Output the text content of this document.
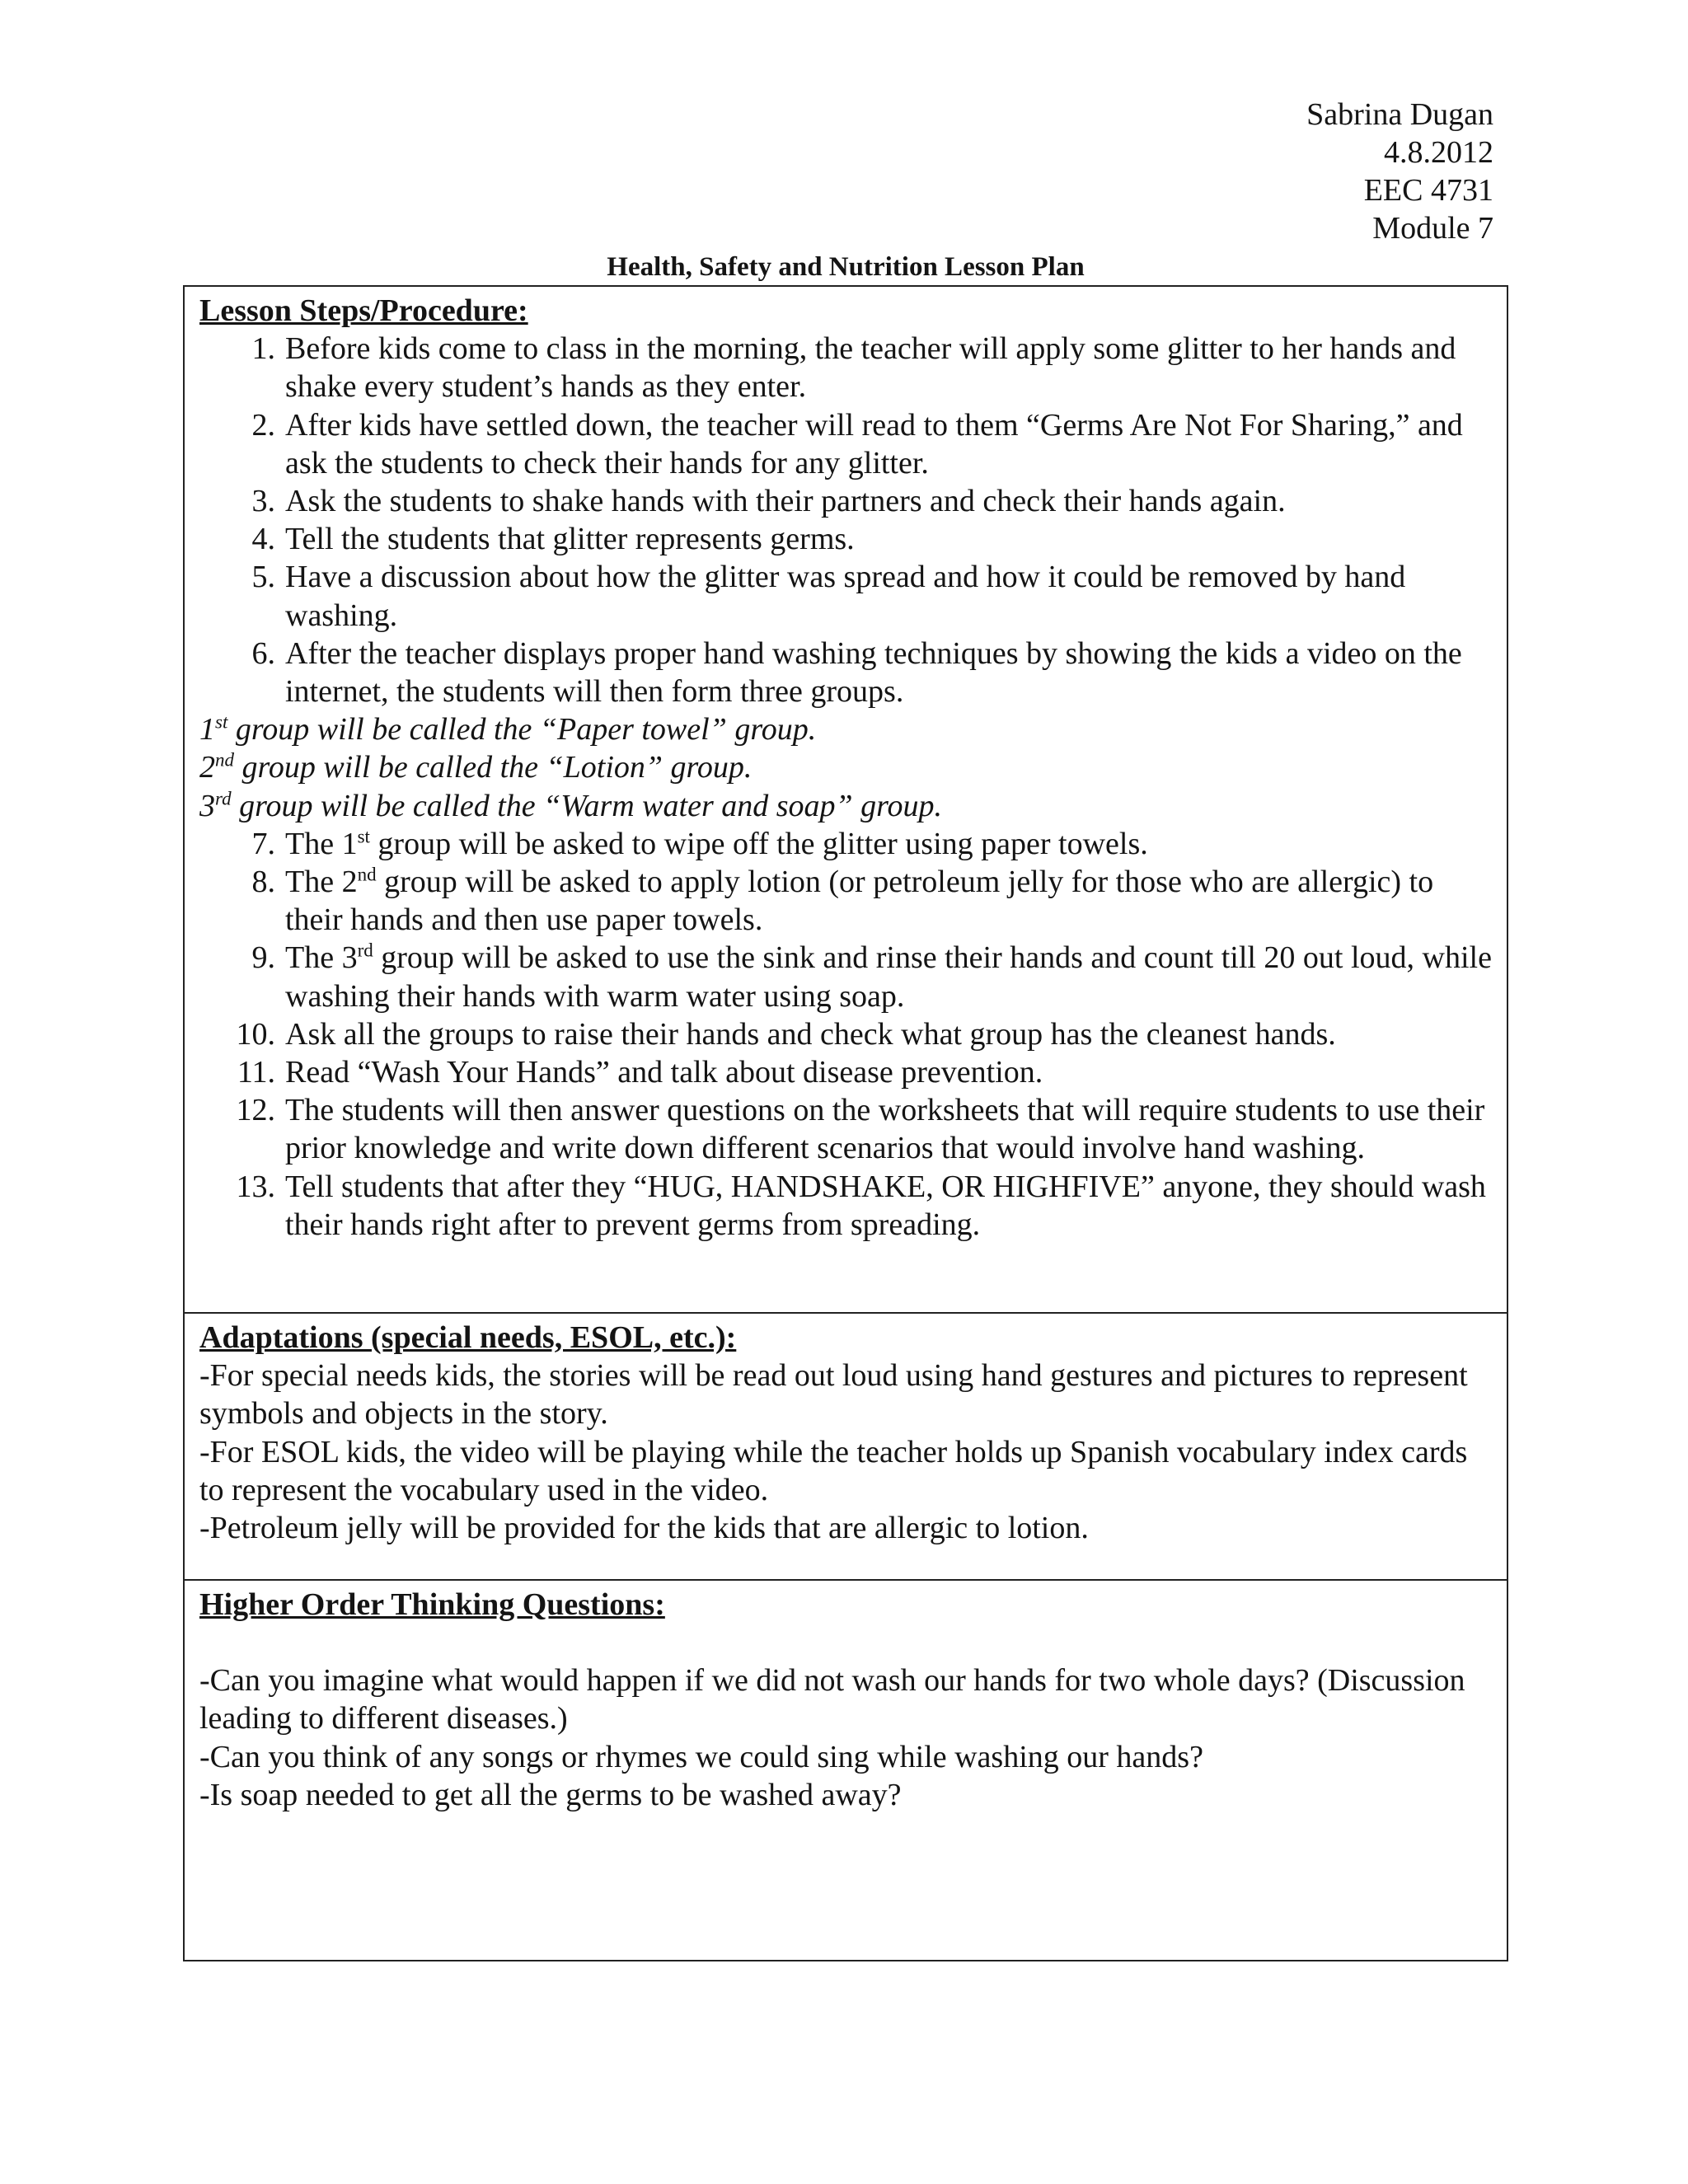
Sabrina Dugan
4.8.2012
EEC 4731
Module 7
Health, Safety and Nutrition Lesson Plan
Lesson Steps/Procedure:
1. Before kids come to class in the morning, the teacher will apply some glitter to her hands and shake every student’s hands as they enter.
2. After kids have settled down, the teacher will read to them “Germs Are Not For Sharing,” and ask the students to check their hands for any glitter.
3. Ask the students to shake hands with their partners and check their hands again.
4. Tell the students that glitter represents germs.
5. Have a discussion about how the glitter was spread and how it could be removed by hand washing.
6. After the teacher displays proper hand washing techniques by showing the kids a video on the internet, the students will then form three groups.
1st group will be called the “Paper towel” group.
2nd group will be called the “Lotion” group.
3rd group will be called the “Warm water and soap” group.
7. The 1st group will be asked to wipe off the glitter using paper towels.
8. The 2nd group will be asked to apply lotion (or petroleum jelly for those who are allergic) to their hands and then use paper towels.
9. The 3rd group will be asked to use the sink and rinse their hands and count till 20 out loud, while washing their hands with warm water using soap.
10. Ask all the groups to raise their hands and check what group has the cleanest hands.
11. Read “Wash Your Hands” and talk about disease prevention.
12. The students will then answer questions on the worksheets that will require students to use their prior knowledge and write down different scenarios that would involve hand washing.
13. Tell students that after they “HUG, HANDSHAKE, OR HIGHFIVE” anyone, they should wash their hands right after to prevent germs from spreading.
Adaptations (special needs, ESOL, etc.):

-For special needs kids, the stories will be read out loud using hand gestures and pictures to represent symbols and objects in the story.

-For ESOL kids, the video will be playing while the teacher holds up Spanish vocabulary index cards to represent the vocabulary used in the video.

-Petroleum jelly will be provided for the kids that are allergic to lotion.

Higher Order Thinking Questions:

-Can you imagine what would happen if we did not wash our hands for two whole days? (Discussion leading to different diseases.)

-Can you think of any songs or rhymes we could sing while washing our hands?

-Is soap needed to get all the germs to be washed away?
